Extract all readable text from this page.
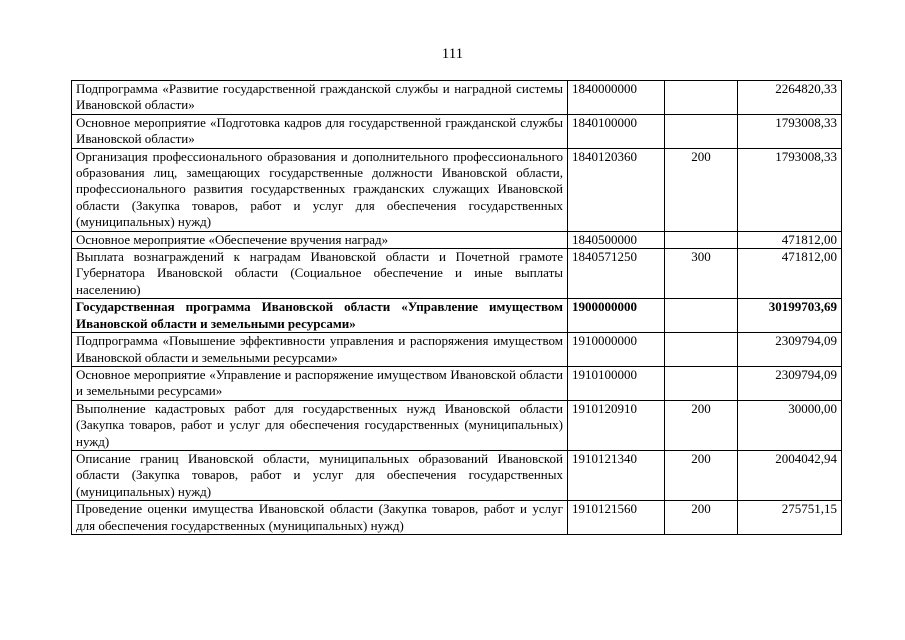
111
Подпрограмма «Развитие государственной гражданской службы и наградной системы Ивановской области»	1840000000		2264820,33
Основное мероприятие «Подготовка кадров для государственной гражданской службы Ивановской области»	1840100000		1793008,33
Организация профессионального образования и дополнительного профессионального образования лиц, замещающих государственные должности Ивановской области, профессионального развития государственных гражданских служащих Ивановской области (Закупка товаров, работ и услуг для обеспечения государственных (муниципальных) нужд)	1840120360	200	1793008,33
Основное мероприятие «Обеспечение вручения наград»	1840500000		471812,00
Выплата вознаграждений к наградам Ивановской области и Почетной грамоте Губернатора Ивановской области (Социальное обеспечение и иные выплаты населению)	1840571250	300	471812,00
Государственная программа Ивановской области «Управление имуществом Ивановской области и земельными ресурсами»	1900000000		30199703,69
Подпрограмма «Повышение эффективности управления и распоряжения имуществом Ивановской области и земельными ресурсами»	1910000000		2309794,09
Основное мероприятие «Управление и распоряжение имуществом Ивановской области и земельными ресурсами»	1910100000		2309794,09
Выполнение кадастровых работ для государственных нужд Ивановской области (Закупка товаров, работ и услуг для обеспечения государственных (муниципальных) нужд)	1910120910	200	30000,00
Описание границ Ивановской области, муниципальных образований Ивановской области (Закупка товаров, работ и услуг для обеспечения государственных (муниципальных) нужд)	1910121340	200	2004042,94
Проведение оценки имущества Ивановской области (Закупка товаров, работ и услуг для обеспечения государственных (муниципальных) нужд)	1910121560	200	275751,15
